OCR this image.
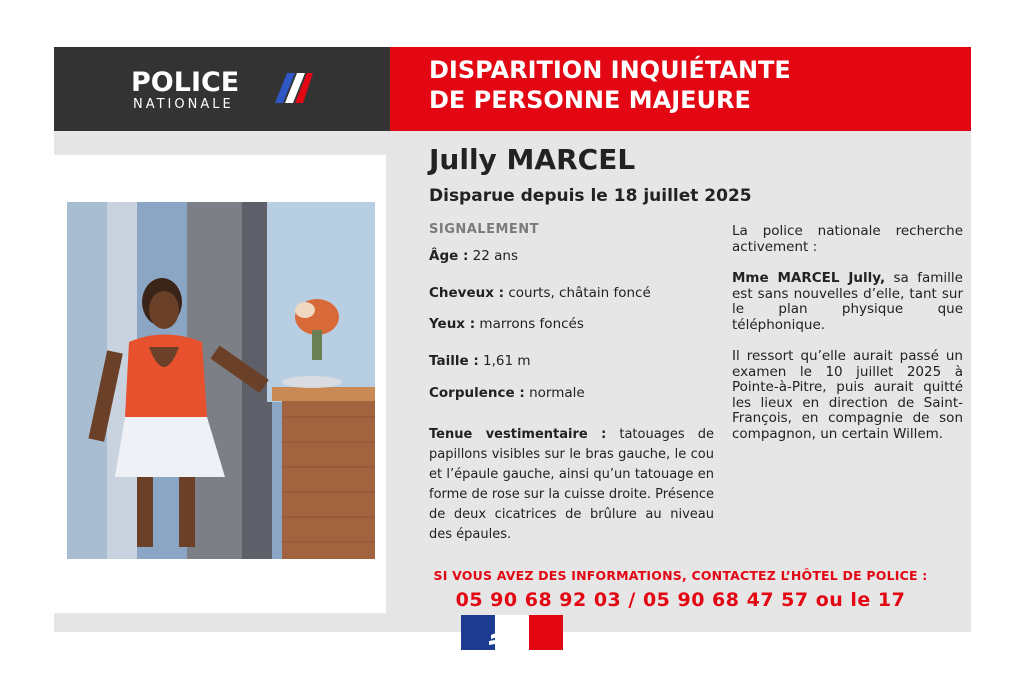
POLICE
NATIONALE
DISPARITION INQUIÉTANTE
DE PERSONNE MAJEURE
Jully MARCEL

Disparue depuis le 18 juillet 2025

SIGNALEMENT
Âge : 22 ans
Cheveux : courts, châtain foncé
Yeux : marrons foncés
Taille : 1,61 m
Corpulence : normale
Tenue vestimentaire : tatouages de papillons visibles sur le bras gauche, le cou et l’épaule gauche, ainsi qu’un tatouage en forme de rose sur la cuisse droite. Présence de deux cicatrices de brûlure au niveau des épaules.

La police nationale recherche activement :

Mme MARCEL Jully, sa famille est sans nouvelles d’elle, tant sur le plan physique que téléphonique.

Il ressort qu’elle aurait passé un examen le 10 juillet 2025 à Pointe-à-Pitre, puis aurait quitté les lieux en direction de Saint-François, en compagnie de son compagnon, un certain Willem.

SI VOUS AVEZ DES INFORMATIONS, CONTACTEZ L’HÔTEL DE POLICE :
05 90 68 92 03 / 05 90 68 47 57 ou le 17
